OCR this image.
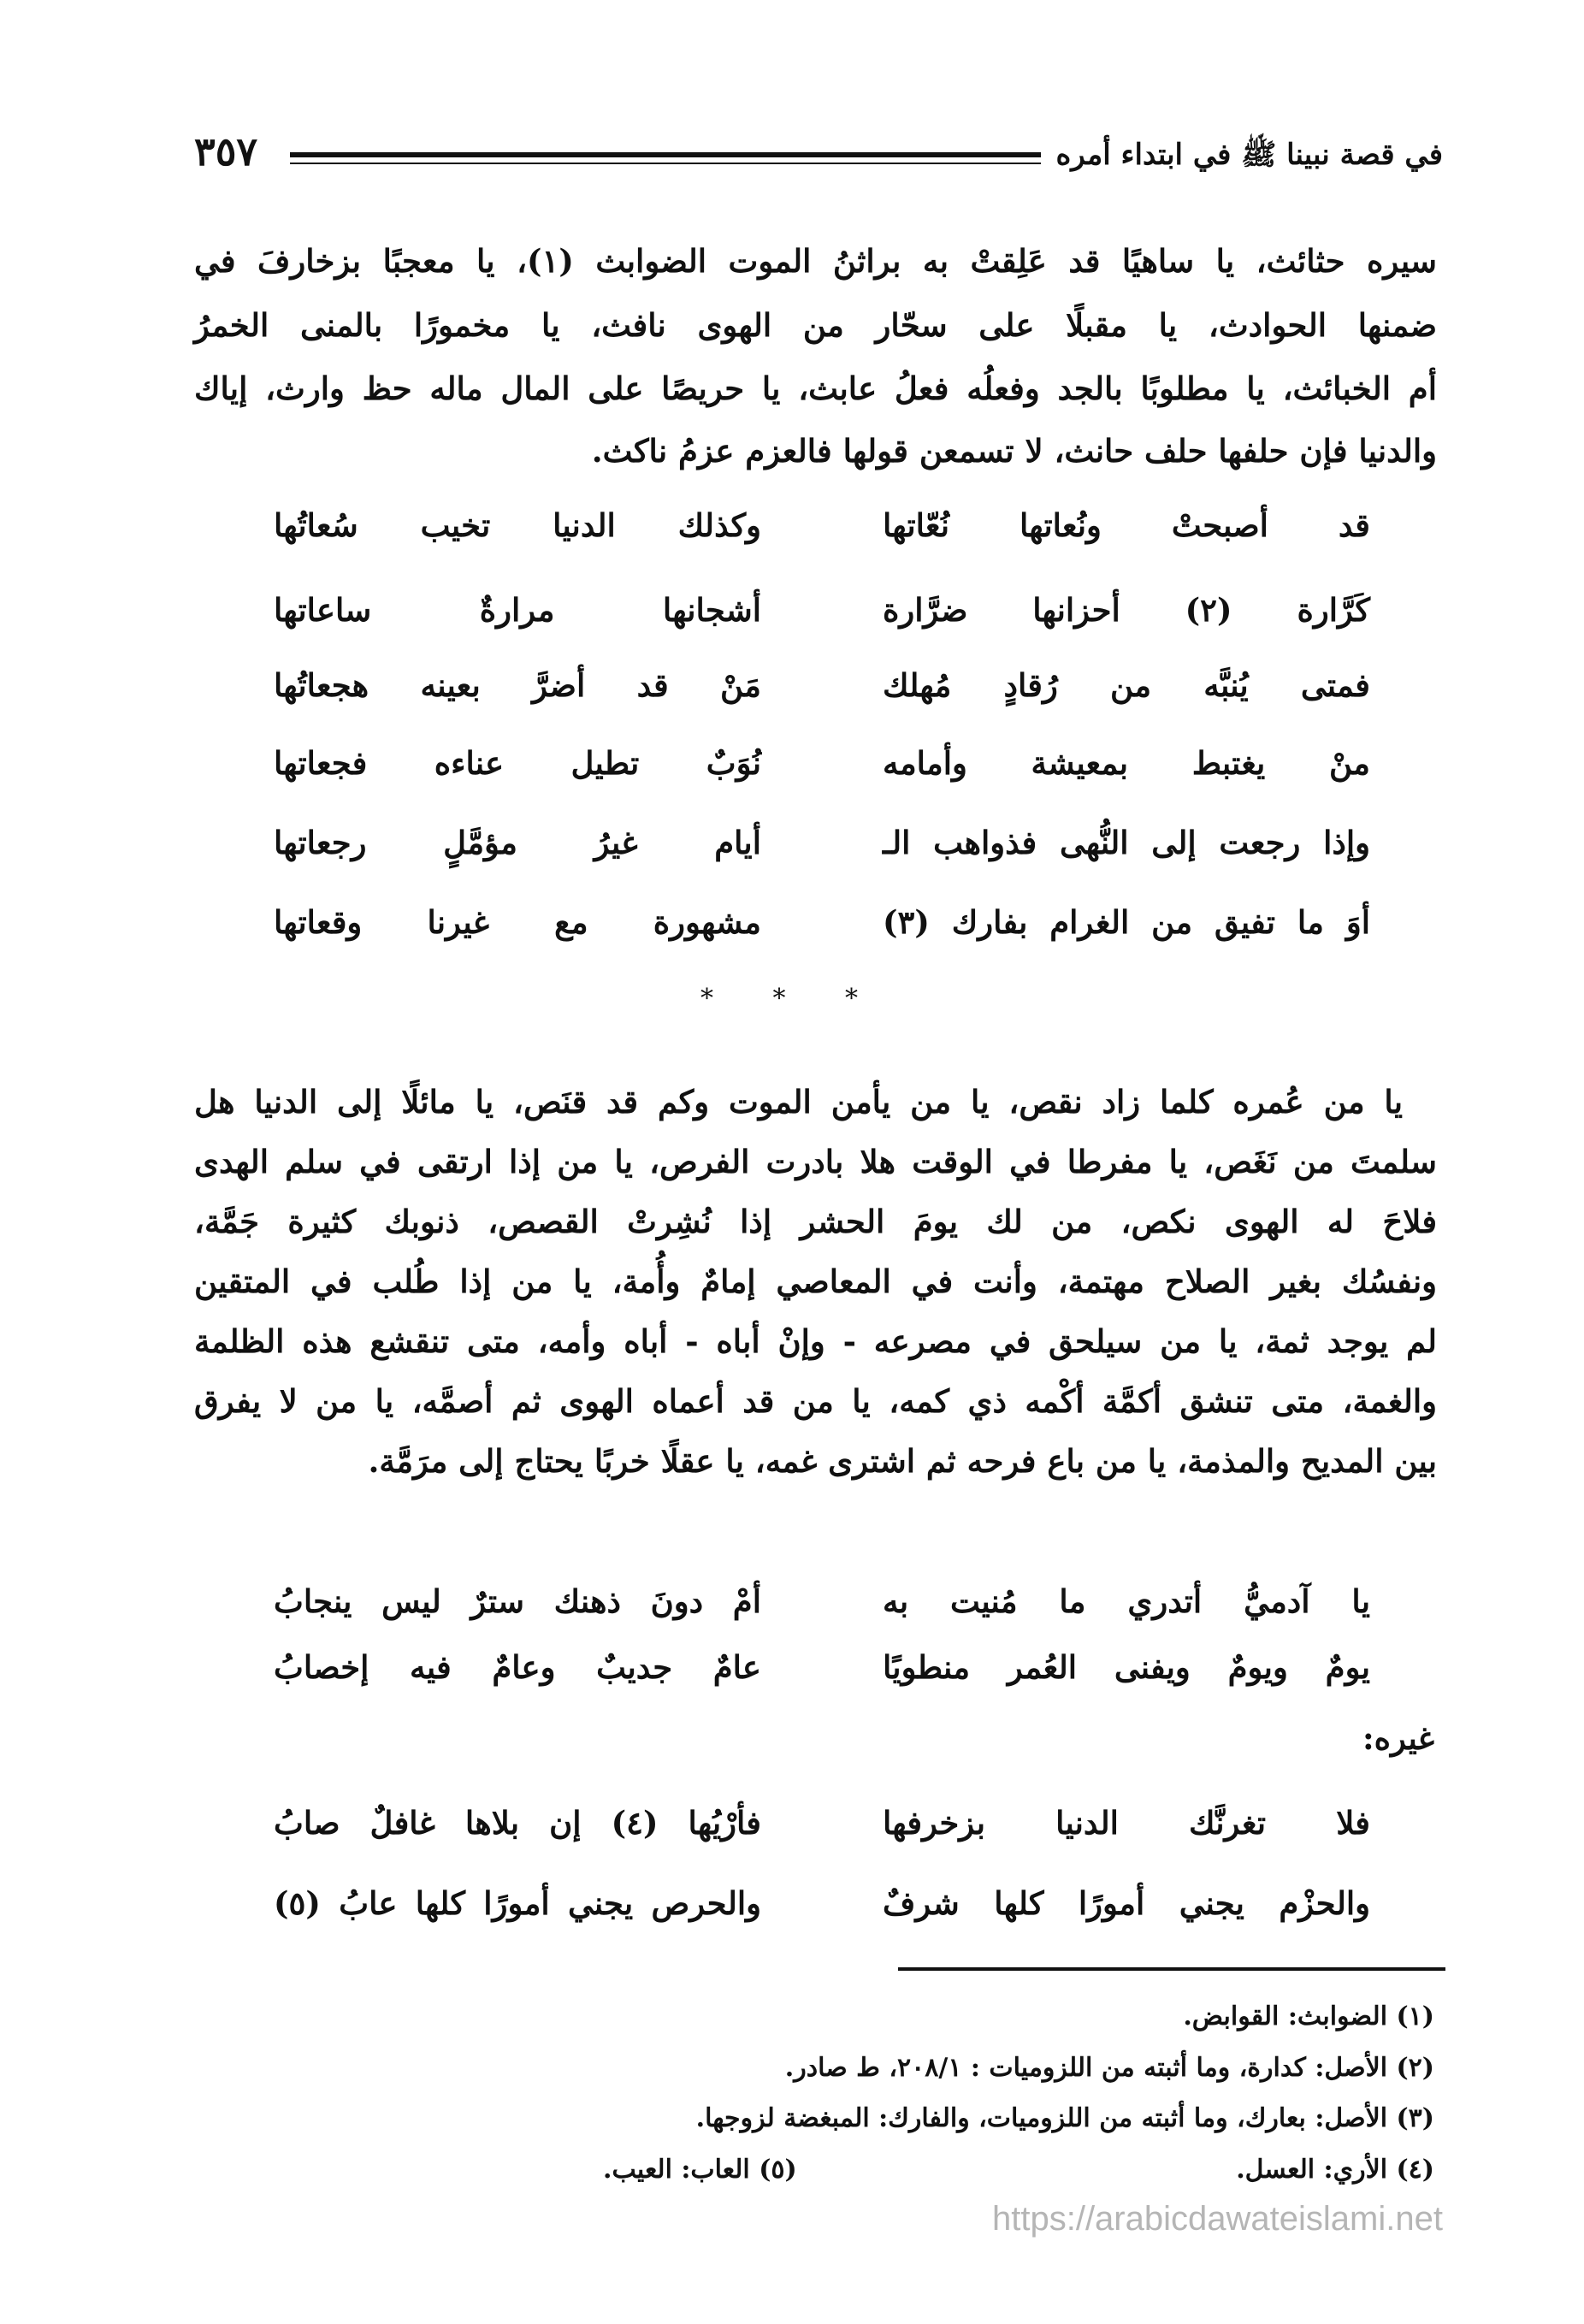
في قصة نبينا ﷺ في ابتداء أمره
٣٥٧
سيره حثائث، يا ساهيًا قد عَلِقتْ به براثنُ الموت الضوابث (١)، يا معجبًا بزخارفَ في
ضمنها الحوادث، يا مقبلًا على سحّار من الهوى نافث، يا مخمورًا بالمنى الخمرُ
أم الخبائث، يا مطلوبًا بالجد وفعلُه فعلُ عابث، يا حريصًا على المال ماله حظ وارث، إياك
والدنيا فإن حلفها حلف حانث، لا تسمعن قولها فالعزم عزمُ ناكث.
قد أصبحتْ ونُعاتها نُعّاتها
وكذلك الدنيا تخيب سُعاتُها
كَرَّارة (٢) أحزانها ضرَّارة
أشجانها مرارةٌ ساعاتها
فمتى يُنبَّه من رُقادٍ مُهلك
مَنْ قد أضرَّ بعينه هجعاتُها
منْ يغتبط بمعيشة وأمامه
نُوَبٌ تطيل عناءه فجعاتها
وإذا رجعت إلى النُّهى فذواهب الـ
أيام غيرُ مؤمَّلٍ رجعاتها
أوَ ما تفيق من الغرام بفارك (٣)
مشهورة مع غيرنا وقعاتها
* * *
يا من عُمره كلما زاد نقص، يا من يأمن الموت وكم قد قنَص، يا مائلًا إلى الدنيا هل
سلمتَ من نَغَص، يا مفرطا في الوقت هلا بادرت الفرص، يا من إذا ارتقى في سلم الهدى
فلاحَ له الهوى نكص، من لك يومَ الحشر إذا نُشِرتْ القصص، ذنوبك كثيرة جَمَّة،
ونفسُك بغير الصلاح مهتمة، وأنت في المعاصي إمامٌ وأُمة، يا من إذا طُلب في المتقين
لم يوجد ثمة، يا من سيلحق في مصرعه - وإنْ أباه - أباه وأمه، متى تنقشع هذه الظلمة
والغمة، متى تنشق أكمَّة أكْمه ذي كمه، يا من قد أعماه الهوى ثم أصمَّه، يا من لا يفرق
بين المديح والمذمة، يا من باع فرحه ثم اشترى غمه، يا عقلًا خربًا يحتاج إلى مرَمَّة.
يا آدميُّ أتدري ما مُنيت به
أمْ دونَ ذهنك سترٌ ليس ينجابُ
يومٌ ويومٌ ويفنى العُمر منطويًا
عامٌ جديبٌ وعامٌ فيه إخصابُ
غيره:
فلا تغرنَّك الدنيا بزخرفها
فأرْيُها (٤) إن بلاها غافلٌ صابُ
والحزْم يجني أمورًا كلها شرفٌ
والحرص يجني أمورًا كلها عابُ (٥)
(١) الضوابث: القوابض.
(٢) الأصل: كدارة، وما أثبته من اللزوميات : ٢٠٨/١، ط صادر.
(٣) الأصل: بعارك، وما أثبته من اللزوميات، والفارك: المبغضة لزوجها.
(٤) الأري: العسل.
(٥) العاب: العيب.
https://arabicdawateislami.net
